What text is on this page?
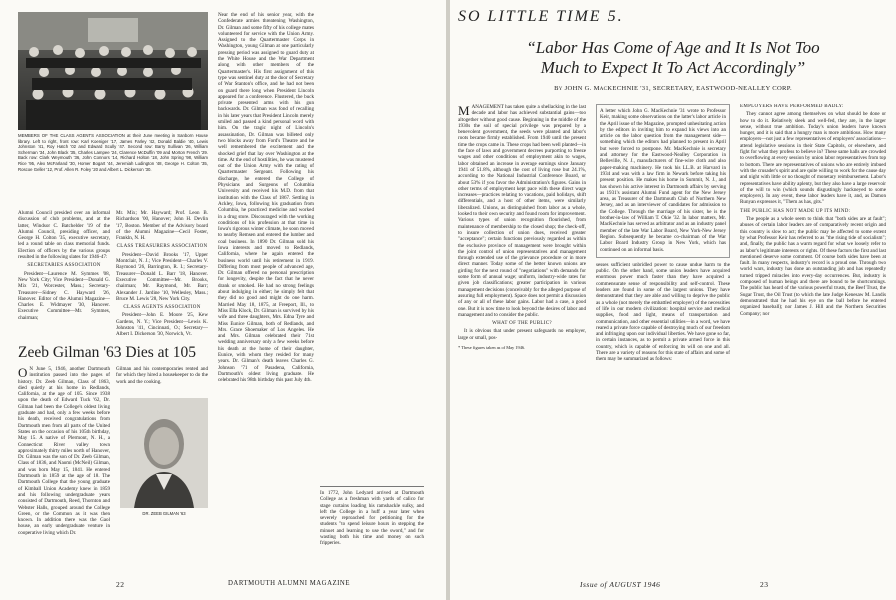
MEMBERS OF THE CLASS AGENTS ASSOCIATION at their June meeting in Sanborn House library. Left to right, front row: Karl Koeniger '17, James Farley '42, Donald Baldie '40, Lewis Johnston '41, Roy Hatch '02 and Edward Scully '47. Second row: Barry Sullivan '26, William Scherman '34, John Black '35, Charles Lampee '24, Clarence McDuffin '09 and Morton French '29. Back row: Clark Weymouth '36, John Connors '14, Richard Holton '18, John Spring '98, William Rice '95, Alex McFarland '30, Homer Bogart '44, Jeremiah Ludington '48, George H. Colton '35, Roscoe Geller '12, Prof. Allen R. Foley '20 and Albert L. Dickerson '30.

Alumni Council presided over an informal discussion of club problems, and at the latter, Windsor C. Batchelder '19 of the Alumni Council, presiding officer, and George H. Colton '35, executive secretary, led a round table on class memorial funds. Election of officers by the various groups resulted in the following slates for 1946-47:

SECRETARIES ASSOCIATION

President—Laurence M. Symmes '08, New York City; Vice President—Donald G. Mix '21, Worcester, Mass.; Secretary-Treasurer—Sidney C. Hayward '26, Hanover. Editor of the Alumni Magazine—Charles E. Widmayer '30, Hanover. Executive Committee—Mr. Symmes, chairman;

Mr. Mix; Mr. Hayward; Prof. Leon B. Richardson '00, Hanover; John H. Devlin '17, Boston. Member of the Advisory board of the Alumni Magazine—Cecil Foster, Frankln, N. H.

CLASS TREASURERS ASSOCIATION

President—David Brooks '17, Upper Montclair, N. J.; Vice President—Charles V. Raymond '26, Barrington, R. I.; Secretary-Treasurer—Donald L. Barr '18, Hanover. Executive Committee—Mr. Brooks, chairman; Mr. Raymond, Mr. Barr; Alexander J. Jardine '10, Wellesley, Mass.; Bruce M. Lewis '28, New York City.

CLASS AGENTS ASSOCIATION

President—John E. Moore '25, Kew Gardens, N. Y.; Vice President—Lewis K. Johnston '41, Cincinnati, O.; Secretary—Albert I. Dickerson '30, Norwich, Vt.

Zeeb Gilman '63 Dies at 105

O N June 5, 1946, another Dartmouth institution passed into the pages of history. Dr. Zeeb Gilman, Class of 1863, died quietly at his home in Redlands, California, at the age of 105. Since 1938 upon the death of Edward Tuck '62, Dr. Gilman had been the College's oldest living graduate and had, only a few weeks before his death, received congratulations from Dartmouth men from all parts of the United States on the occasion of his 105th birthday, May 15. A native of Plermont, N. H., a Connecticut River valley town approximately thirty miles north of Hanover, Dr. Gilman was the son of Dr. Zeeb Gilman, Class of 1836, and Naomi (McNeil) Gilman, and was born May 15, 1841. He entered Dartmouth in 1859 at the age of 18. The Dartmouth College that the young graduate of Kimball Union Academy knew in 1859 and his following undergraduate years consisted of Dartmouth, Reed, Thornton and Webster Halls, grouped around the College Green, or the Common as it was then known. In addition there was the Gaol house, an early undergraduate venture in cooperative living which Dr.

Gilman and his contemporaries rented and for which they hired a housekeeper to do the work and the cooking.

DR. ZEEB GILMAN '63

Near the end of his senior year, with the Confederate armies threatening Washington, Dr. Gilman and some fifty of his college mates volunteered for service with the Union Army. Assigned to the Quartermaster Corps in Washington, young Gilman at one particularly pressing period was assigned to guard duty at the White House and the War Department along with other members of the Quartermaster's. His first assignment of this type was sentinel duty at the door of Secretary of War Stanton's office, and he had not been on guard there long when President Lincoln appeared for a conference. Flustered, the buck private presented arms with his gun backwards. Dr. Gilman was fond of recalling in his later years that President Lincoln merely smiled and passed a kind personal word with him. On the tragic night of Lincoln's assassination, Dr. Gilman was billeted only two blocks away from Ford's Theatre and he well remembered the excitement and the shocked grief that lay over Washington at the time. At the end of hostilities, he was mustered out of the Union Army with the rating of Quartermaster Sergeant. Following his discharge, he entered the College of Physicians and Surgeons of Columbia University and received his M.D. from that institution with the Class of 1867. Settling in Ackley, Iowa, following his graduation from Columbia, he practiced medicine and worked in a drug store. Discouraged with the working conditions of his profession at that time in Iowa's rigorous winter climate, he soon moved to nearby Remsen and entered the lumber and coal business. In 1890 Dr. Gilman sold his Iowa interests and moved to Redlands, California, where he again entered the business world until his retirement in 1919. Differing from most people of advanced age, Dr. Gilman offered no personal prescription for longevity, despite the fact that he never drank or smoked. He had no strong feelings about indulging in either; he simply felt that they did no good and might do one harm. Married May 18, 1875, at Freeport, Ill., to Miss Ella Klock, Dr. Gilman is survived by his wife and three daughters, Mrs. Edna Tyre and Miss Eunice Gilman, both of Redlands, and Mrs. Grace Shoemaker of Los Angeles. He and Mrs. Gilman celebrated their 71st wedding anniversary only a few weeks before his death at the home of their daughter, Eunice, with whom they resided for many years. Dr. Gilman's death leaves Charles G. Johnson '71 of Pasadena, California, Dartmouth's oldest living graduate. He celebrated his 98th birthday this past July 4th.

In 1772, John Ledyard arrived at Dartmouth College as a freshman with yards of calico for stage curtains loading his ramshackle sulky, and left the College in a huff a year later when severely reproached for petitioning for the students "to spend leisure hours in stepping the minuet and learning to use the sword," and for wasting both his time and money on such fripperies.

22	DARTMOUTH ALUMNI MAGAZINE
SO LITTLE TIME 5.
“Labor Has Come of Age and It Is Not Too
Much to Expect It To Act Accordingly”
By JOHN G. MacKECHNIE '31, SECRETARY, EASTWOOD-NEALLEY CORP.

MANAGEMENT has taken quite a shellacking in the last decade and labor has achieved substantial gains—too altogether without good cause. Beginning in the middle of the 1930s the soil of special privilege was prepared by a benevolent government, the seeds were planted and labor's roots became firmly established. From 1940 until the present time the crops came in. These crops had been well planted—in the face of laws and government decrees purporting to freeze wages and other conditions of employment akin to wages, labor obtained an increase in average earnings since January 1941 of 51.8%, although the cost of living rose but 24.1%, according to the National Industrial Conference Board, or about 53% if you favor the Administration's figures. Gains in other terms of employment kept pace with these direct wage increases—practices relating to vacations, paid holidays, shift differentials, and a host of other items, were similarly liberalized. Unions, as distinguished from labor as a whole, looked to their own security and found room for improvement. Various types of union recognition flourished, from maintenance of membership to the closed shop; the check-off, to insure collection of union dues, received greater "acceptance"; certain functions previously regarded as within the exclusive province of management were brought within the joint control of union representatives and management through extended use of the grievance procedure or in more direct manner. Today some of the better known unions are girding for the next round of "negotiations" with demands for some form of annual wage; uniform, industry-wide rates for given job classifications; greater participation in various management decisions (conceivably for the alleged purpose of assuring full employment). Space does not permit a discussion of any or all of these labor gains. Labor had a case, a good one. But it is now time to look beyond the desires of labor and management and to consider the public.

WHAT OF THE PUBLIC?

It is obvious that under present safeguards no employer, large or small, pos-

* These figures taken as of May 1946.

A letter which John G. MacKechnie '31 wrote to Professor Keir, making some observations on the latter's labor article in the April issue of the Magazine, prompted unhesitating action by the editors in inviting him to expand his views into an article on the labor question from the management side—something which the editors had planned to present in April but were forced to postpone. Mr. MacKechnie is secretary and attorney for the Eastwood-Nealley Corporation in Belleville, N. J., manufacturers of fine-wire cloth and also paper-making machinery. He took his LL.B. at Harvard in 1934 and was with a law firm in Newark before taking his present position. He makes his home in Summit, N. J., and has shown his active interest in Dartmouth affairs by serving as 1931's assistant Alumni Fund agent for the New Jersey area, as Treasurer of the Dartmouth Club of Northern New Jersey, and as an interviewer of candidates for admission to the College. Through the marriage of his sister, he is the brother-in-law of William T. Okie '32. In labor matters, Mr. MacKechnie has served as arbitrator and as an industry panel member of the late War Labor Board, New York-New Jersey Region. Subsequently he became co-chairman of the War Labor Board Industry Group in New York, which has continued on an informal basis.

sesses sufficient unbridled power to cause undue harm to the public. On the other hand, some union leaders have acquired enormous power much faster than they have acquired a commensurate sense of responsibility and self-control. These leaders are found in some of the largest unions. They have demonstrated that they are able and willing to deprive the public as a whole (not merely the embattled employer) of the necessities of life in our modern civilization: hospital service and medical supplies, food and light, means of transportation and communication, and other essential utilities—in a word, we have reared a private force capable of destroying much of our freedom and infringing upon our individual liberties. We have gone so far, in certain instances, as to permit a private armed force in this country, which is capable of enforcing its will on one and all. There are a variety of reasons for this state of affairs and some of them may be summarized as follows:

EMPLOYERS HAVE PERFORMED BADLY:

They cannot agree among themselves on what should be done or how to do it. Relatively sleek and well-fed, they are, in the larger sense, without true ambition. Today's union leaders have known hunger, and it is said that a hungry man is more ambitious. How many employers—not just a few representatives of employers' associations—attend legislative sessions in their State Capitols, or elsewhere, and fight for what they profess to believe in? These same halls are crowded to overflowing at every session by union labor representatives from top to bottom. There are representatives of unions who are entirely imbued with the crusader's spirit and are quite willing to work for the cause day and night with little or no thought of monetary reimbursement. Labor's representatives have ability aplenty, but they also have a large reservoir of the will to win (which sounds disgustingly hackneyed to some employers). In any event, these labor leaders have it, and, as Damon Runyan expresses it, "Them as has, gits."

THE PUBLIC HAS NOT MADE UP ITS MIND:

The people as a whole seem to think that "both sides are at fault"; abuses of certain labor leaders are of comparatively recent origin and this country is slow to act; the public may be affected to some extent by what Professor Keir has referred to as "the rising tide of socialism"; and, finally, the public has a warm regard for what we loosely refer to as labor's legitimate interests or rights. Of these factors the first and last mentioned deserve some comment. Of course both sides have been at fault. In many respects, industry's record is a proud one. Through two world wars, industry has done an outstanding job and has repeatedly turned tripped miracles into every-day occurrences. But, industry is composed of human beings and there are bound to be shortcomings. The public has heard of the various powerful trusts, the Beef Trust, the Sugar Trust, the Oil Trust (to which the late Judge Kenesaw M. Landis demonstrated that he had his eye on the ball before he entered organized baseball); nor James J. Hill and the Northern Securities Company; nor

Issue of AUGUST 1946	23
